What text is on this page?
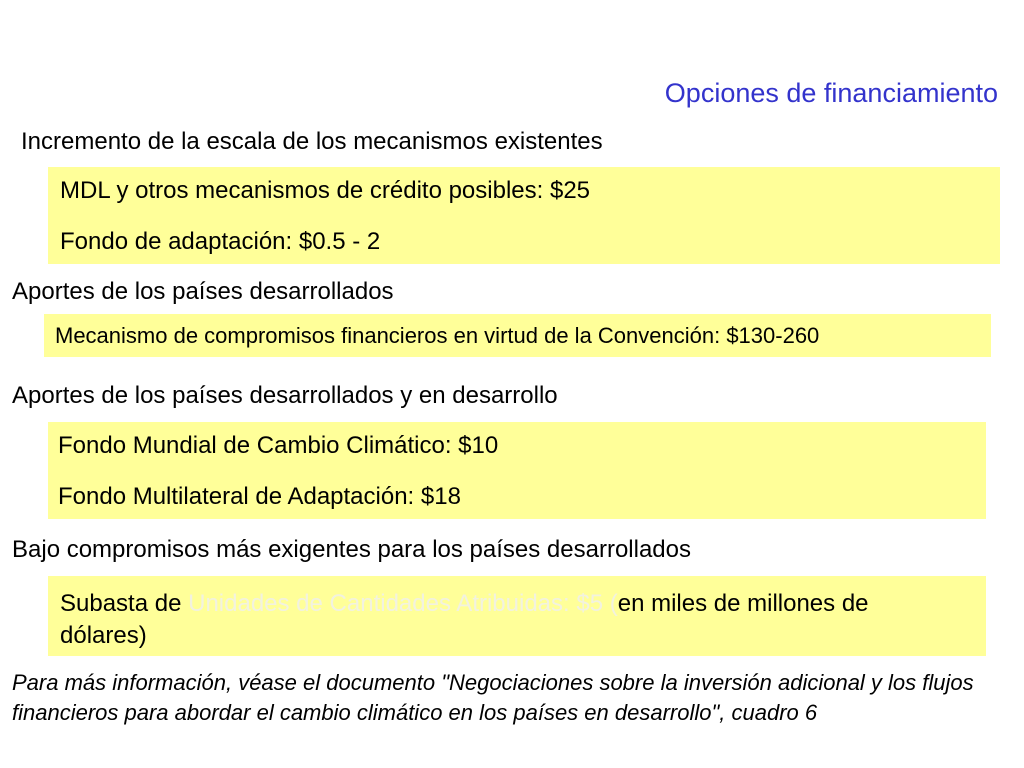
Opciones de financiamiento
Incremento de la escala de los mecanismos existentes
MDL y otros mecanismos de crédito posibles: $25
Fondo de adaptación: $0.5 - 2
Aportes de los países desarrollados
Mecanismo de compromisos financieros en virtud de la Convención: $130-260
Aportes de los países desarrollados y en desarrollo
Fondo Mundial de Cambio Climático: $10
Fondo Multilateral de Adaptación: $18
Bajo compromisos más exigentes para los países desarrollados
Subasta de Unidades de Cantidades Atribuidas: $5 (en miles de millones de dólares)
Para más información, véase el documento "Negociaciones sobre la inversión adicional y los flujos financieros para abordar el cambio climático en los países en desarrollo", cuadro 6
